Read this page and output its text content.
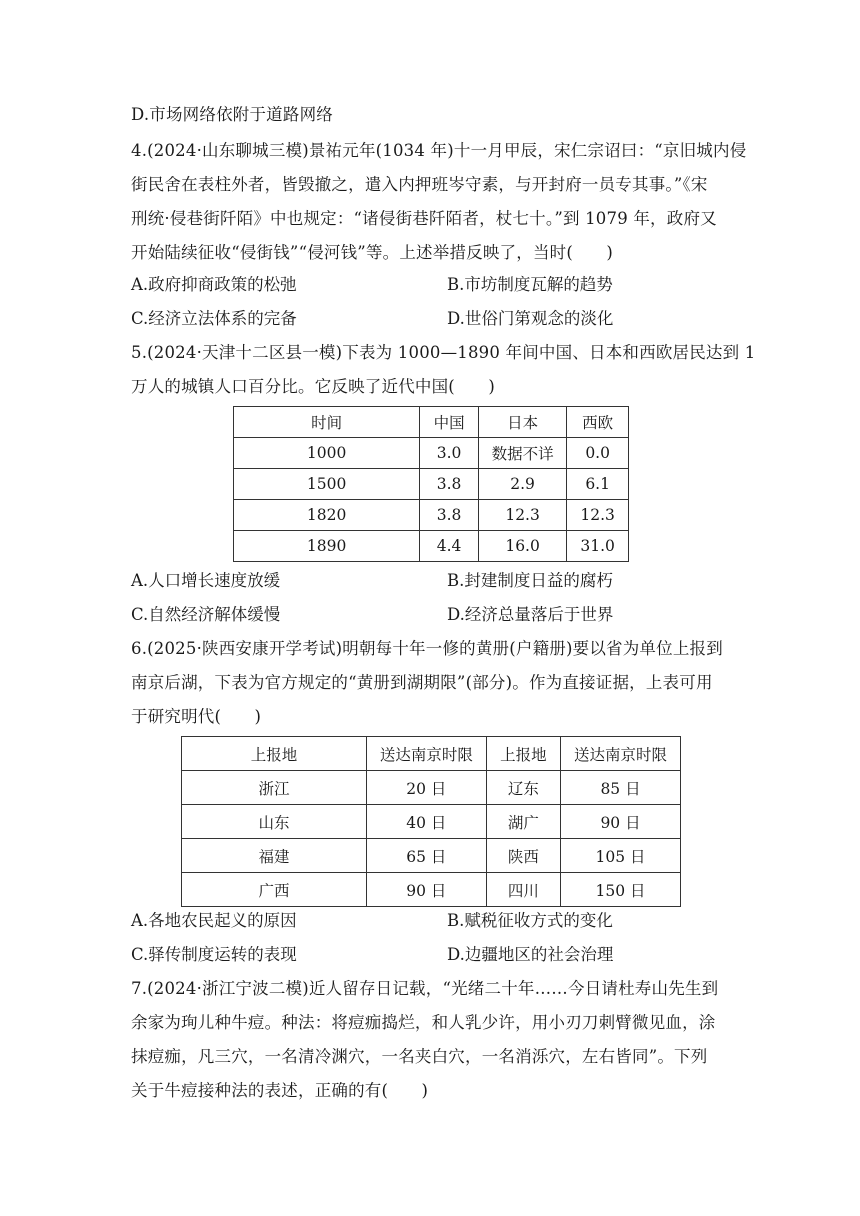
D.市场网络依附于道路网络
4.(2024·山东聊城三模)景祐元年(1034 年)十一月甲辰，宋仁宗诏曰：“京旧城内侵
街民舍在表柱外者，皆毁撤之，遣入内押班岑守素，与开封府一员专其事。”《宋
刑统·侵巷街阡陌》中也规定：“诸侵街巷阡陌者，杖七十。”到 1079 年，政府又
开始陆续征收“侵街钱”“侵河钱”等。上述举措反映了，当时(　　)
A.政府抑商政策的松弛	B.市坊制度瓦解的趋势
C.经济立法体系的完备	D.世俗门第观念的淡化
5.(2024·天津十二区县一模)下表为 1000—1890 年间中国、日本和西欧居民达到 1
万人的城镇人口百分比。它反映了近代中国(　　)
时间	中国	日本	西欧
1000	3.0	数据不详	0.0
1500	3.8	2.9	6.1
1820	3.8	12.3	12.3
1890	4.4	16.0	31.0
A.人口增长速度放缓	B.封建制度日益的腐朽
C.自然经济解体缓慢	D.经济总量落后于世界
6.(2025·陕西安康开学考试)明朝每十年一修的黄册(户籍册)要以省为单位上报到
南京后湖，下表为官方规定的“黄册到湖期限”(部分)。作为直接证据，上表可用
于研究明代(　　)
上报地	送达南京时限	上报地	送达南京时限
浙江	20 日	辽东	85 日
山东	40 日	湖广	90 日
福建	65 日	陕西	105 日
广西	90 日	四川	150 日
A.各地农民起义的原因	B.赋税征收方式的变化
C.驿传制度运转的表现	D.边疆地区的社会治理
7.(2024·浙江宁波二模)近人留存日记载，“光绪二十年……今日请杜寿山先生到
余家为珣儿种牛痘。种法：将痘痂捣烂，和人乳少许，用小刃刀刺臂微见血，涂
抹痘痂，凡三穴，一名清冷渊穴，一名夹白穴，一名消泺穴，左右皆同”。下列
关于牛痘接种法的表述，正确的有(　　)
